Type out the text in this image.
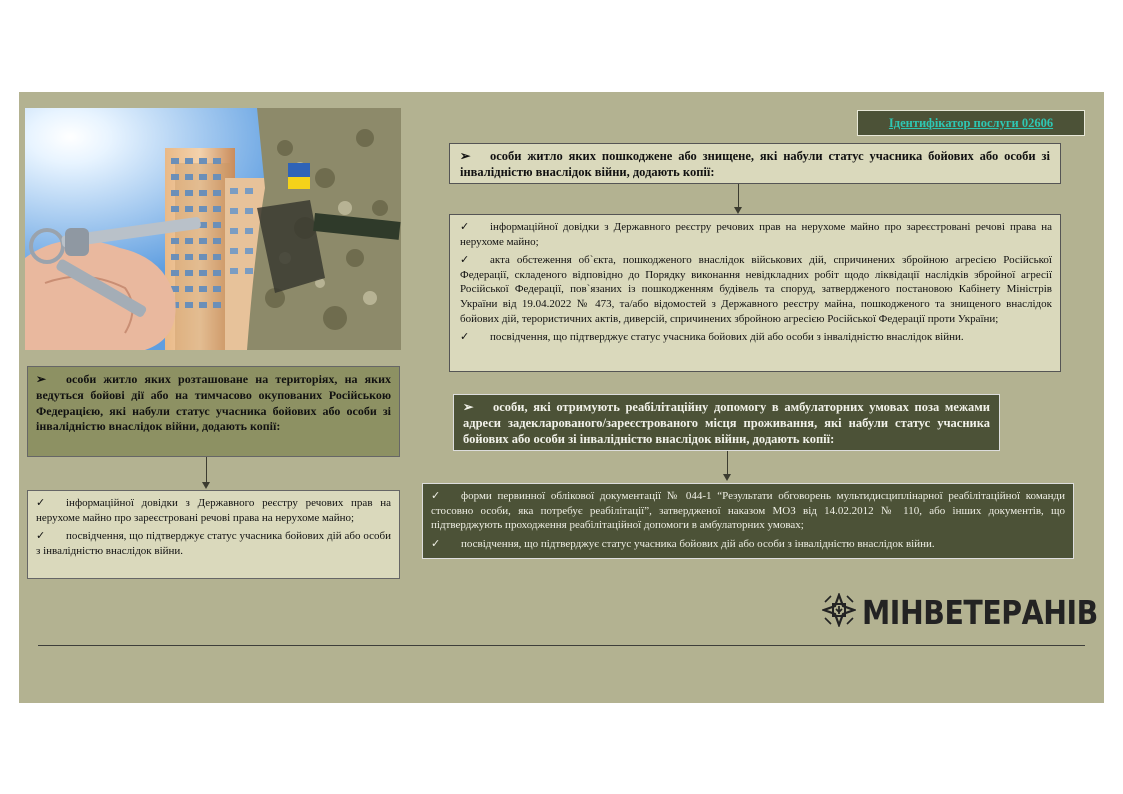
Ідентифікатор послуги 02606
➢ особи житло яких пошкоджене або знищене, які набули статус учасника бойових або особи зі інвалідністю внаслідок війни, додають копії:

✓ інформаційної довідки з Державного реєстру речових прав на нерухоме майно про зареєстровані речові права на нерухоме майно;

✓ акта обстеження об`єкта, пошкодженого внаслідок військових дій, спричинених збройною агресією Російської Федерації, складеного відповідно до Порядку виконання невідкладних робіт щодо ліквідації наслідків збройної агресії Російської Федерації, пов`язаних із пошкодженням будівель та споруд, затвердженого постановою Кабінету Міністрів України від 19.04.2022 № 473, та/або відомостей з Державного реєстру майна, пошкодженого та знищеного внаслідок бойових дій, терористичних актів, диверсій, спричинених збройною агресією Російської Федерації проти України;

✓ посвідчення, що підтверджує статус учасника бойових дій або особи з інвалідністю внаслідок війни.

➢ особи житло яких розташоване на територіях, на яких ведуться бойові дії або на тимчасово окупованих Російською Федерацією, які набули статус учасника бойових або особи зі інвалідністю внаслідок війни, додають копії:

✓ інформаційної довідки з Державного реєстру речових прав на нерухоме майно про зареєстровані речові права на нерухоме майно;

✓ посвідчення, що підтверджує статус учасника бойових дій або особи з інвалідністю внаслідок війни.

➢ особи, які отримують реабілітаційну допомогу в амбулаторних умовах поза межами адреси задекларованого/зареєстрованого місця проживання, які набули статус учасника бойових або особи зі інвалідністю внаслідок війни, додають копії:

✓ форми первинної облікової документації № 044-1 “Результати обговорень мультидисциплінарної реабілітаційної команди стосовно особи, яка потребує реабілітації”, затвердженої наказом МОЗ від 14.02.2012 № 110, або інших документів, що підтверджують проходження реабілітаційної допомоги в амбулаторних умовах;

✓ посвідчення, що підтверджує статус учасника бойових дій або особи з інвалідністю внаслідок війни.

МІНВЕТЕРАНІВ
